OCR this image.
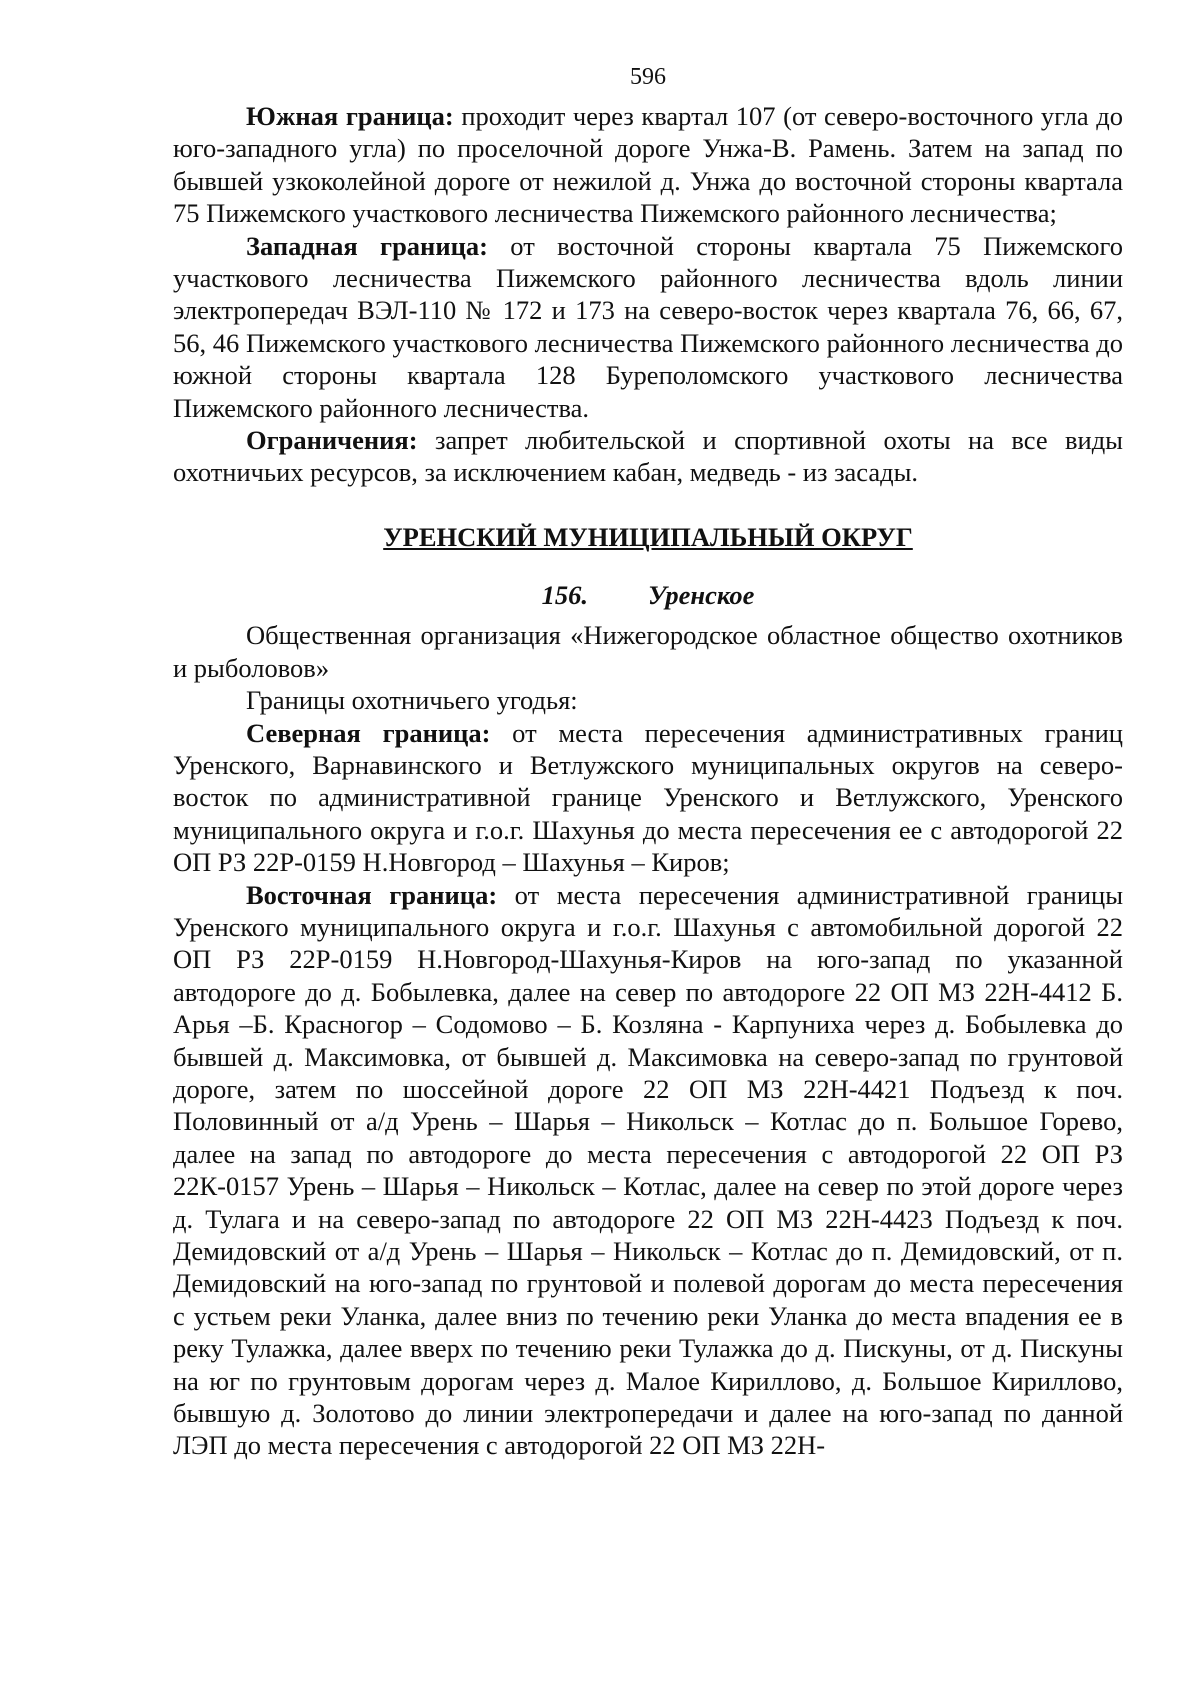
596

Южная граница: проходит через квартал 107 (от северо-восточного угла до юго-западного угла) по проселочной дороге Унжа-В. Рамень. Затем на запад по бывшей узкоколейной дороге от нежилой д. Унжа до восточной стороны квартала 75 Пижемского участкового лесничества Пижемского районного лесничества;

Западная граница: от восточной стороны квартала 75 Пижемского участкового лесничества Пижемского районного лесничества вдоль линии электропередач ВЭЛ-110 № 172 и 173 на северо-восток через квартала 76, 66, 67, 56, 46 Пижемского участкового лесничества Пижемского районного лесничества до южной стороны квартала 128 Буреполомского участкового лесничества Пижемского районного лесничества.

Ограничения: запрет любительской и спортивной охоты на все виды охотничьих ресурсов, за исключением кабан, медведь - из засады.

УРЕНСКИЙ МУНИЦИПАЛЬНЫЙ ОКРУГ
156. Уренское

Общественная организация «Нижегородское областное общество охотников и рыболовов»

Границы охотничьего угодья:

Северная граница: от места пересечения административных границ Уренского, Варнавинского и Ветлужского муниципальных округов на северо-восток по административной границе Уренского и Ветлужского, Уренского муниципального округа и г.о.г. Шахунья до места пересечения ее с автодорогой 22 ОП РЗ 22Р-0159 Н.Новгород – Шахунья – Киров;

Восточная граница: от места пересечения административной границы Уренского муниципального округа и г.о.г. Шахунья с автомобильной дорогой 22 ОП РЗ 22Р-0159 Н.Новгород-Шахунья-Киров на юго-запад по указанной автодороге до д. Бобылевка, далее на север по автодороге 22 ОП МЗ 22Н-4412 Б. Арья –Б. Красногор – Содомово – Б. Козляна - Карпуниха через д. Бобылевка до бывшей д. Максимовка, от бывшей д. Максимовка на северо-запад по грунтовой дороге, затем по шоссейной дороге 22 ОП МЗ 22Н-4421 Подъезд к поч. Половинный от а/д Урень – Шарья – Никольск – Котлас до п. Большое Горево, далее на запад по автодороге до места пересечения с автодорогой 22 ОП РЗ 22К-0157 Урень – Шарья – Никольск – Котлас, далее на север по этой дороге через д. Тулага и на северо-запад по автодороге 22 ОП МЗ 22Н-4423 Подъезд к поч. Демидовский от а/д Урень – Шарья – Никольск – Котлас до п. Демидовский, от п. Демидовский на юго-запад по грунтовой и полевой дорогам до места пересечения с устьем реки Уланка, далее вниз по течению реки Уланка до места впадения ее в реку Тулажка, далее вверх по течению реки Тулажка до д. Пискуны, от д. Пискуны на юг по грунтовым дорогам через д. Малое Кириллово, д. Большое Кириллово, бывшую д. Золотово до линии электропередачи и далее на юго-запад по данной ЛЭП до места пересечения с автодорогой 22 ОП МЗ 22Н-
